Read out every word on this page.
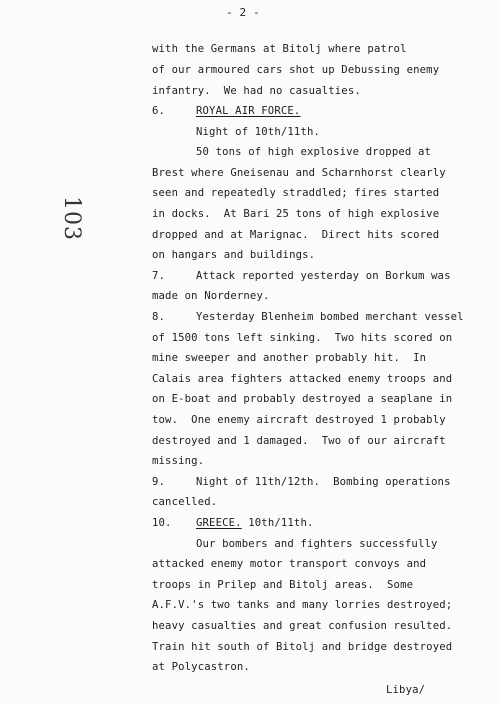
- 2 -
103
with the Germans at Bitolj where patrol
of our armoured cars shot up Debussing enemy
infantry.  We had no casualties.
6.	ROYAL AIR FORCE.
Night of 10th/11th.
50 tons of high explosive dropped at
Brest where Gneisenau and Scharnhorst clearly
seen and repeatedly straddled; fires started
in docks.  At Bari 25 tons of high explosive
dropped and at Marignac.  Direct hits scored
on hangars and buildings.
7.	Attack reported yesterday on Borkum was
made on Norderney.
8.	Yesterday Blenheim bombed merchant vessel
of 1500 tons left sinking.  Two hits scored on
mine sweeper and another probably hit.  In
Calais area fighters attacked enemy troops and
on E-boat and probably destroyed a seaplane in
tow.  One enemy aircraft destroyed 1 probably
destroyed and 1 damaged.  Two of our aircraft
missing.
9.	Night of 11th/12th.  Bombing operations
cancelled.
10. GREECE. 10th/11th.
Our bombers and fighters successfully
attacked enemy motor transport convoys and
troops in Prilep and Bitolj areas.  Some
A.F.V.'s two tanks and many lorries destroyed;
heavy casualties and great confusion resulted.
Train hit south of Bitolj and bridge destroyed
at Polycastron.
Libya/
